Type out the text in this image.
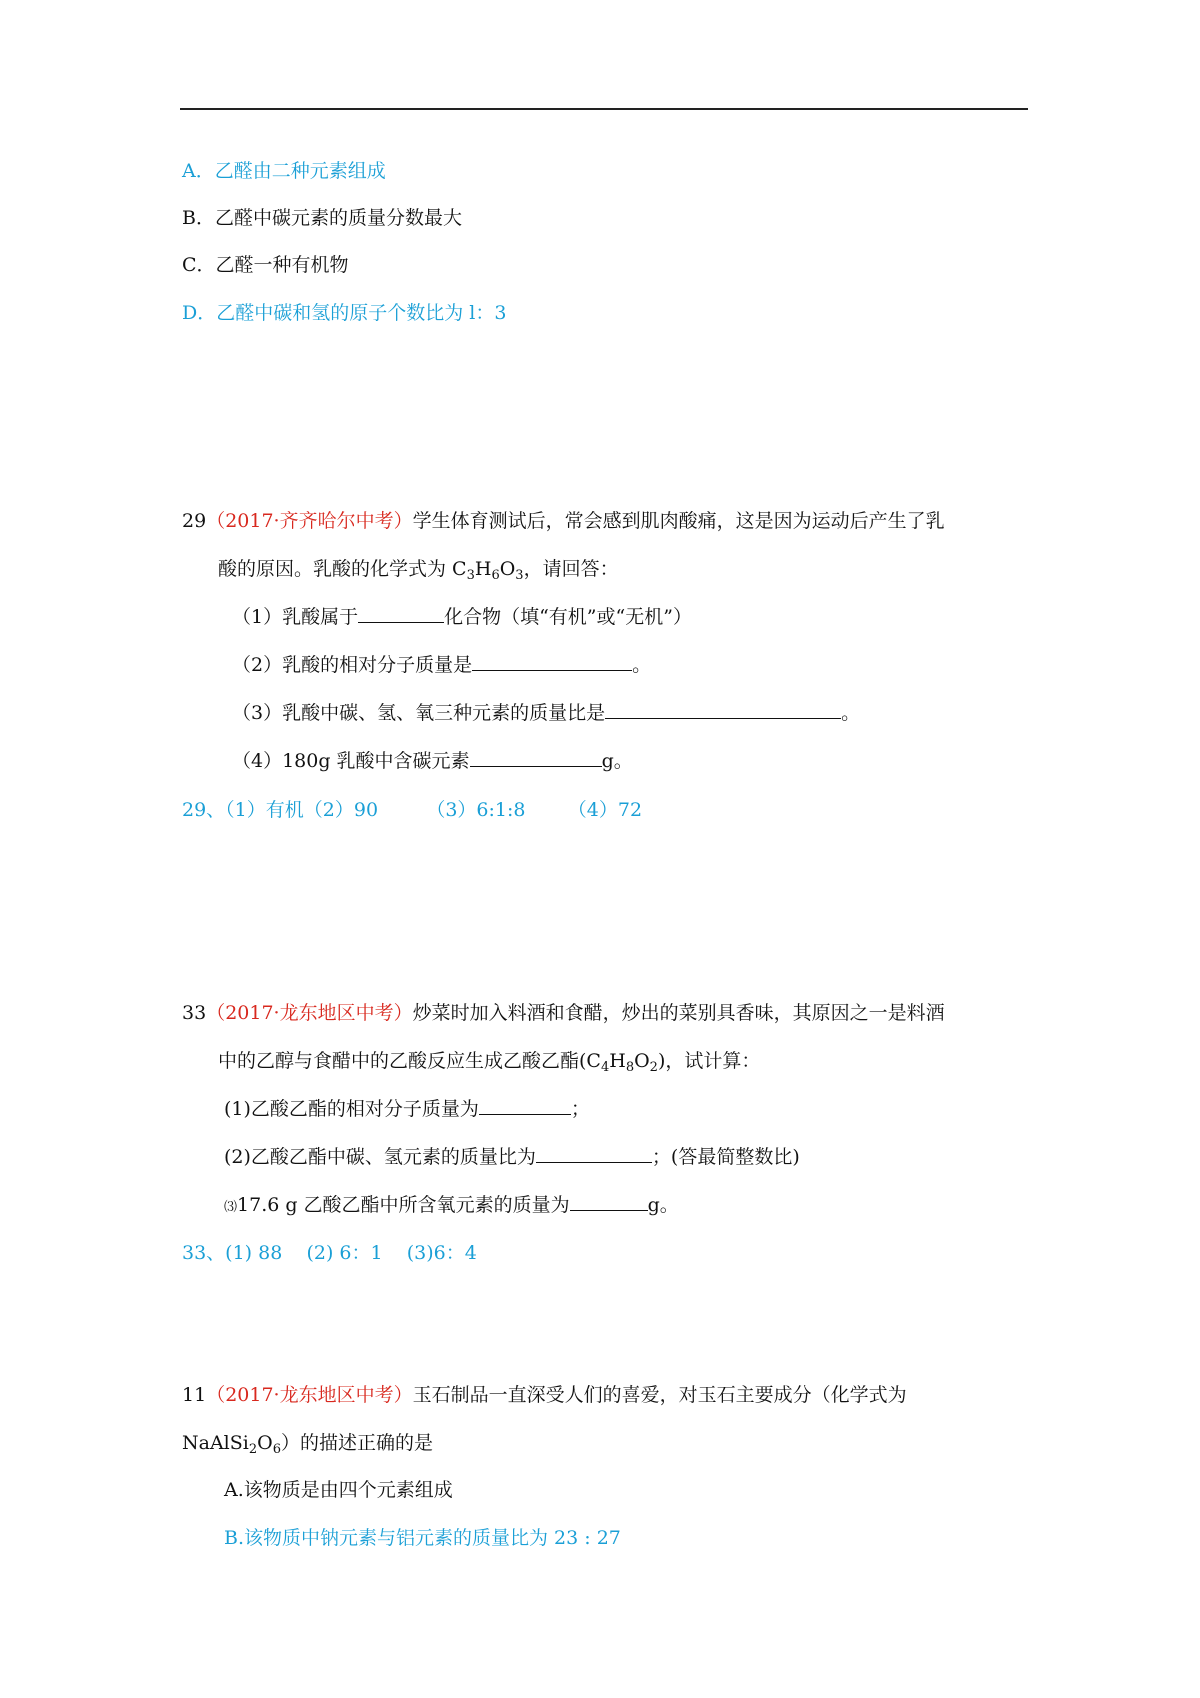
A．乙醛由二种元素组成
B．乙醛中碳元素的质量分数最大
C．乙醛一种有机物
D．乙醛中碳和氢的原子个数比为 l：3
29（2017·齐齐哈尔中考）学生体育测试后，常会感到肌肉酸痛，这是因为运动后产生了乳
酸的原因。乳酸的化学式为 $C_3H_6O_3$，请回答：
（1）乳酸属于	化合物（填“有机”或“无机”）
（2）乳酸的相对分子质量是	。
（3）乳酸中碳、氢、氧三种元素的质量比是	。
（4）180g 乳酸中含碳元素	g。
29、（1）有机（2）90        （3）6:1:8       （4）72
33（2017·龙东地区中考）炒菜时加入料酒和食醋，炒出的菜别具香味，其原因之一是料酒
中的乙醇与食醋中的乙酸反应生成乙酸乙酯$(C_4H_8O_2)$，试计算：
(1)乙酸乙酯的相对分子质量为	；
(2)乙酸乙酯中碳、氢元素的质量比为	；(答最简整数比)
⑶17.6 g 乙酸乙酯中所含氧元素的质量为	g。
33、(1) 88    (2) 6：1    (3)6：4
11（2017·龙东地区中考）玉石制品一直深受人们的喜爱，对玉石主要成分（化学式为
$NaAlSi_2O_6$）的描述正确的是
A.该物质是由四个元素组成
B.该物质中钠元素与铝元素的质量比为 23 : 27
